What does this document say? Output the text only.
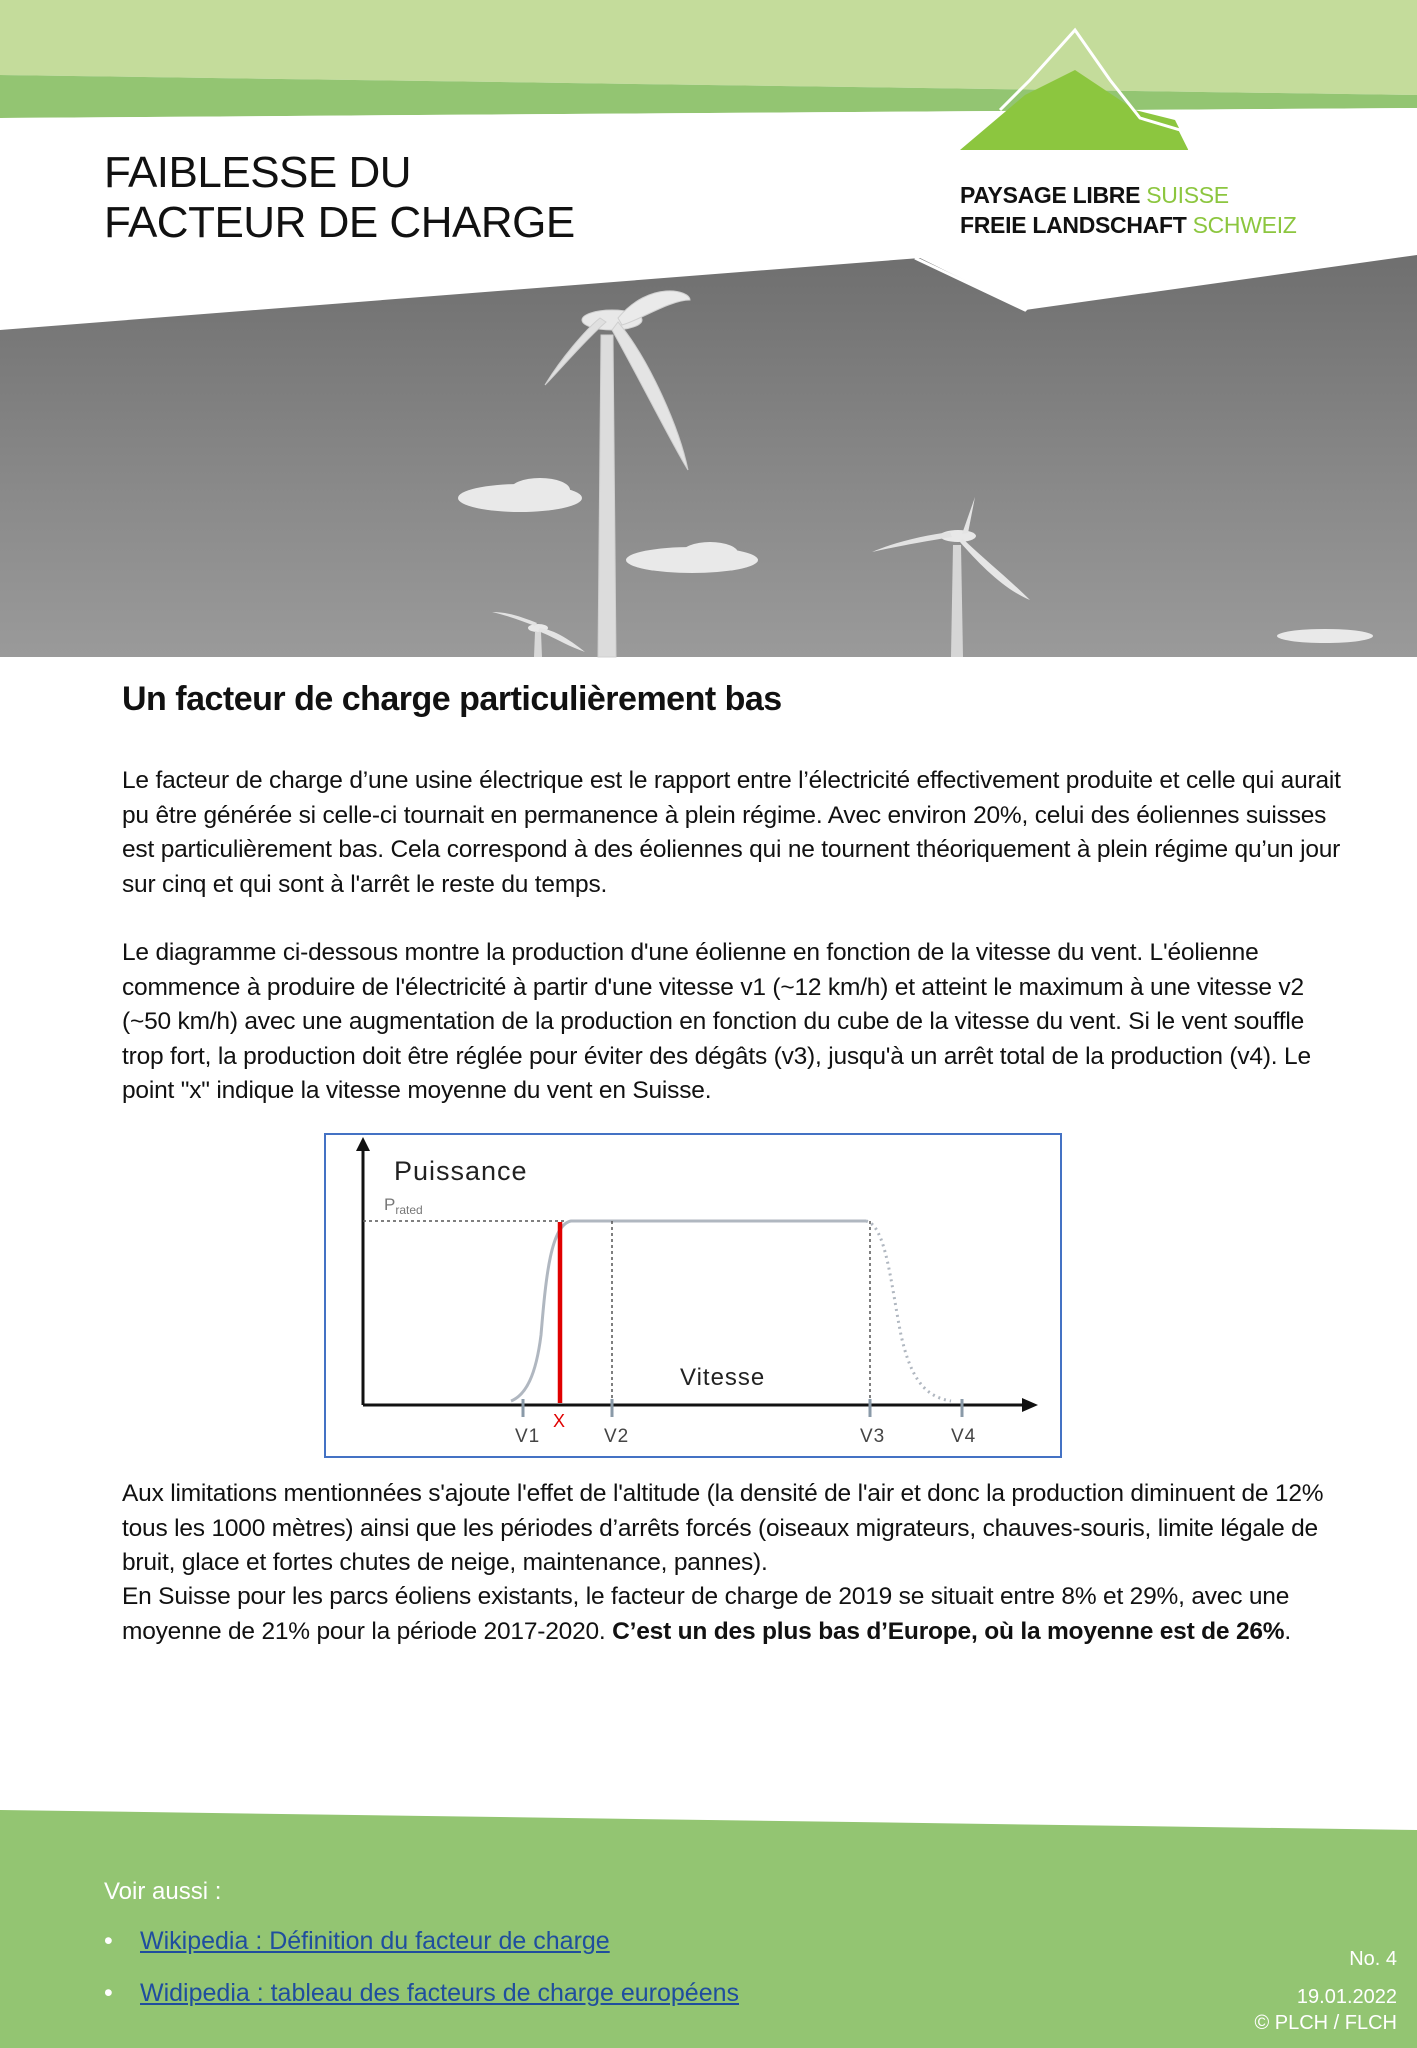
FAIBLESSE DU
FACTEUR DE CHARGE
PAYSAGE LIBRE SUISSE
FREIE LANDSCHAFT SCHWEIZ
Un facteur de charge particulièrement bas

Le facteur de charge d’une usine électrique est le rapport entre l’électricité effectivement produite et celle qui aurait pu être générée si celle-ci tournait en permanence à plein régime. Avec environ 20%, celui des éoliennes suisses est particulièrement bas. Cela correspond à des éoliennes qui ne tournent théoriquement à plein régime qu’un jour sur cinq et qui sont à l'arrêt le reste du temps.

Le diagramme ci-dessous montre la production d'une éolienne en fonction de la vitesse du vent. L'éolienne commence à produire de l'électricité à partir d'une vitesse v1 (~12 km/h) et atteint le maximum à une vitesse v2 (~50 km/h) avec une augmentation de la production en fonction du cube de la vitesse du vent. Si le vent souffle trop fort, la production doit être réglée pour éviter des dégâts (v3), jusqu'à un arrêt total de la production (v4). Le point "x" indique la vitesse moyenne du vent en Suisse.

Puissance
$P_{rated}$
Vitesse
V1	V2	V3	V4
X

Aux limitations mentionnées s'ajoute l'effet de l'altitude (la densité de l'air et donc la production diminuent de 12% tous les 1000 mètres) ainsi que les périodes d’arrêts forcés (oiseaux migrateurs, chauves-souris, limite légale de bruit, glace et fortes chutes de neige, maintenance, pannes).

En Suisse pour les parcs éoliens existants, le facteur de charge de 2019 se situait entre 8% et 29%, avec une moyenne de 21% pour la période 2017-2020. C’est un des plus bas d’Europe, où la moyenne est de 26%.

Voir aussi :
• Wikipedia : Définition du facteur de charge
• Widipedia : tableau des facteurs de charge européens
No. 4
19.01.2022
© PLCH / FLCH
